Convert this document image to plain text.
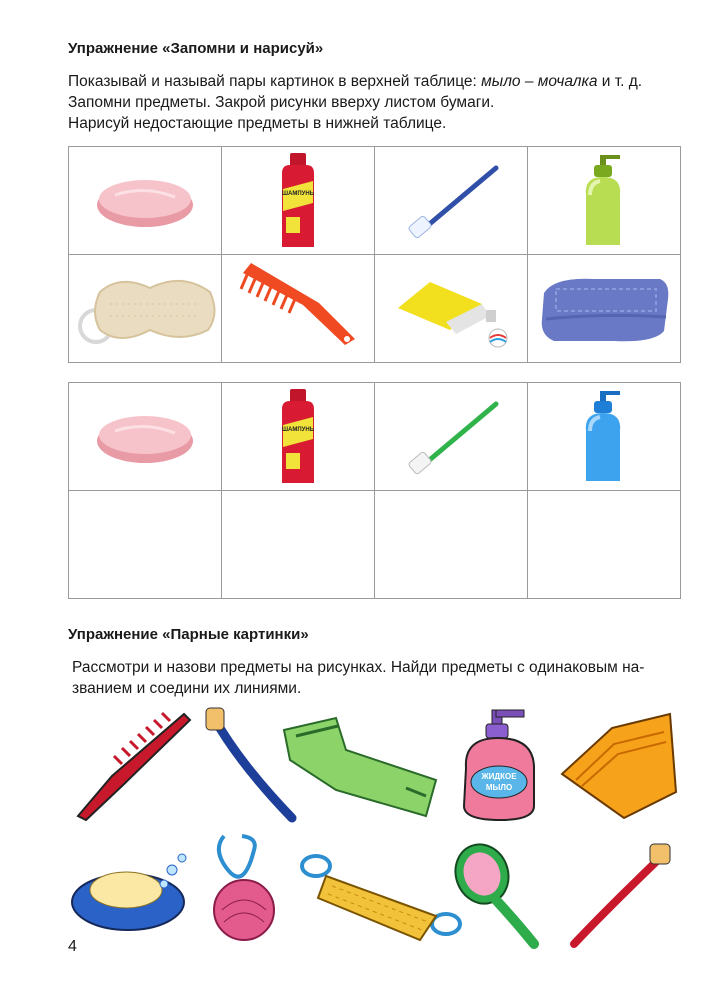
Упражнение «Запомни и нарисуй»
Показывай и называй пары картинок в верхней таблице: мыло – мочалка и т. д.
Запомни предметы. Закрой рисунки вверху листом бумаги.
Нарисуй недостающие предметы в нижней таблице.

ШАМПУНЬ

ШАМПУНЬ

Упражнение «Парные картинки»
Рассмотри и назови предметы на рисунках. Найди предметы с одинаковым на-
званием и соедини их линиями.
ЖИДКОЕ
МЫЛО
4
